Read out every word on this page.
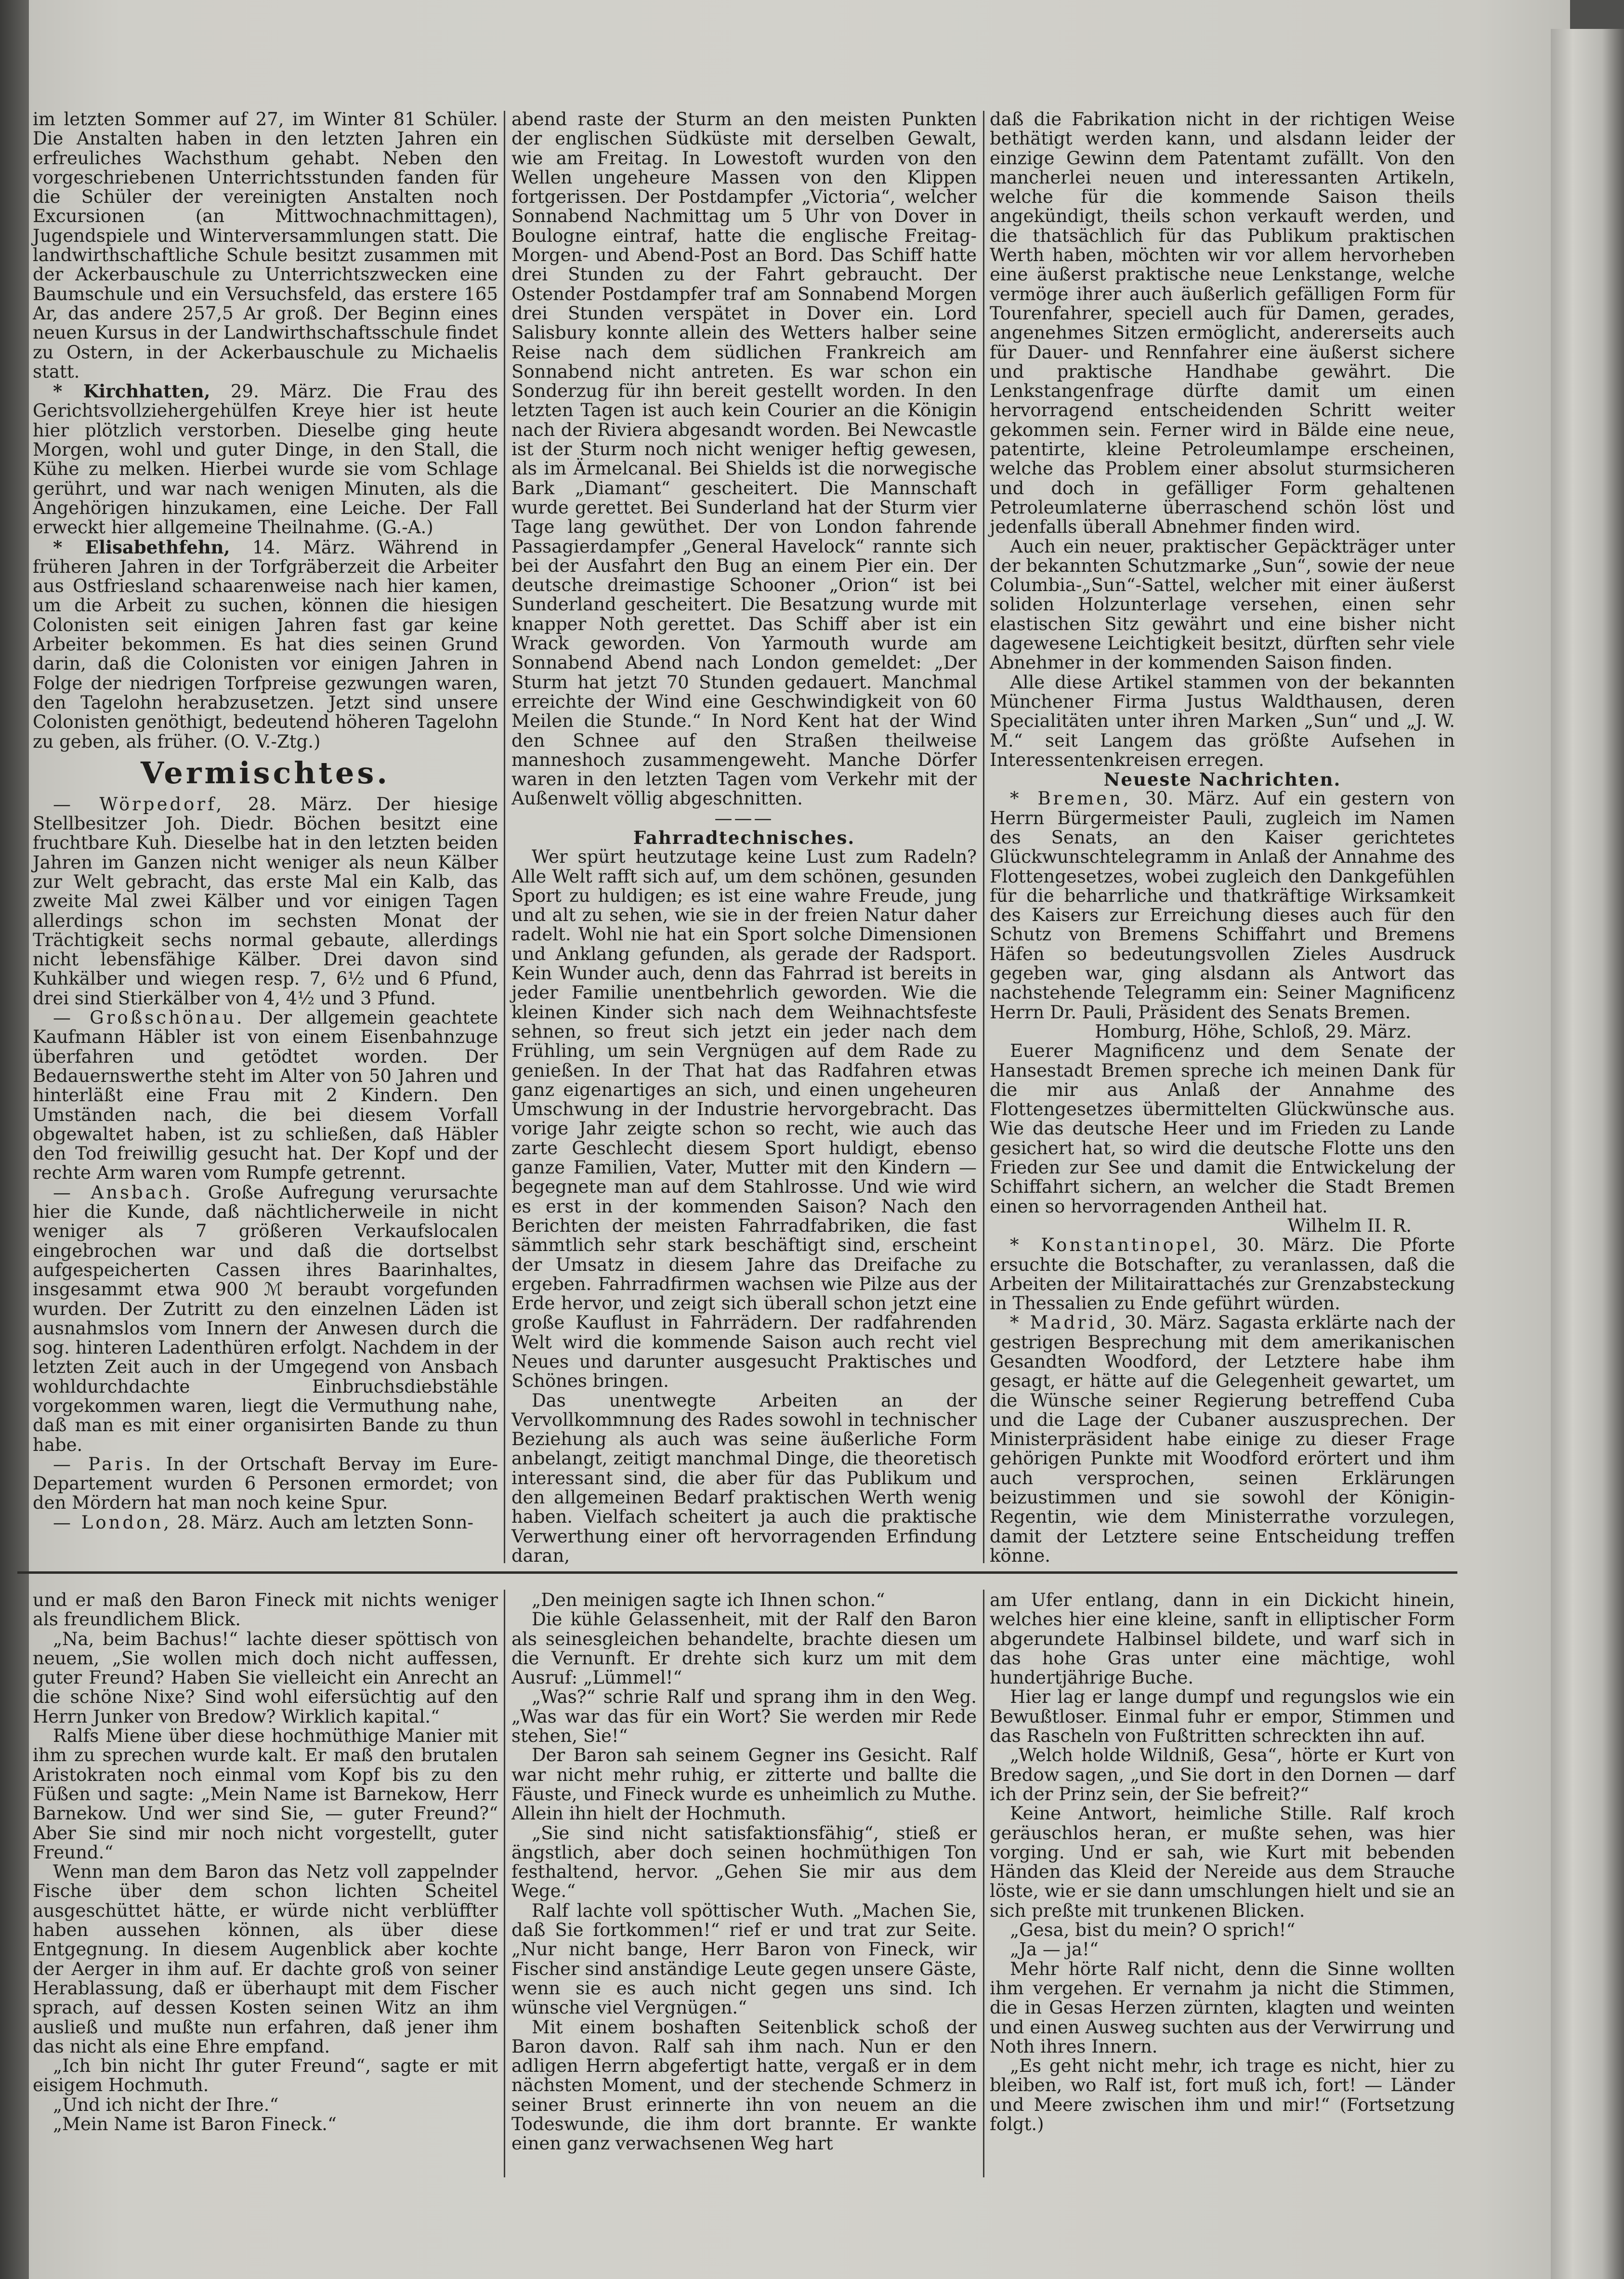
im letzten Sommer auf 27, im Winter 81 Schüler. Die Anstalten haben in den letzten Jahren ein erfreuliches Wachsthum gehabt. Neben den vorgeschriebenen Unterrichtsstunden fanden für die Schüler der vereinigten Anstalten noch Excursionen (an Mittwochnachmittagen), Jugendspiele und Winterversammlungen statt. Die landwirthschaftliche Schule besitzt zusammen mit der Ackerbauschule zu Unterrichtszwecken eine Baumschule und ein Versuchsfeld, das erstere 165 Ar, das andere 257,5 Ar groß. Der Beginn eines neuen Kursus in der Landwirthschaftsschule findet zu Ostern, in der Ackerbauschule zu Michaelis statt.

* Kirchhatten, 29. März. Die Frau des Gerichtsvollziehergehülfen Kreye hier ist heute hier plötzlich verstorben. Dieselbe ging heute Morgen, wohl und guter Dinge, in den Stall, die Kühe zu melken. Hierbei wurde sie vom Schlage gerührt, und war nach wenigen Minuten, als die Angehörigen hinzukamen, eine Leiche. Der Fall erweckt hier allgemeine Theilnahme. (G.-A.)

* Elisabethfehn, 14. März. Während in früheren Jahren in der Torfgräberzeit die Arbeiter aus Ostfriesland schaarenweise nach hier kamen, um die Arbeit zu suchen, können die hiesigen Colonisten seit einigen Jahren fast gar keine Arbeiter bekommen. Es hat dies seinen Grund darin, daß die Colonisten vor einigen Jahren in Folge der niedrigen Torfpreise gezwungen waren, den Tagelohn herabzusetzen. Jetzt sind unsere Colonisten genöthigt, bedeutend höheren Tagelohn zu geben, als früher. (O. V.-Ztg.)

Vermischtes.

— Wörpedorf, 28. März. Der hiesige Stellbesitzer Joh. Diedr. Böchen besitzt eine fruchtbare Kuh. Dieselbe hat in den letzten beiden Jahren im Ganzen nicht weniger als neun Kälber zur Welt gebracht, das erste Mal ein Kalb, das zweite Mal zwei Kälber und vor einigen Tagen allerdings schon im sechsten Monat der Trächtigkeit sechs normal gebaute, allerdings nicht lebensfähige Kälber. Drei davon sind Kuhkälber und wiegen resp. 7, 6½ und 6 Pfund, drei sind Stierkälber von 4, 4½ und 3 Pfund.

— Großschönau. Der allgemein geachtete Kaufmann Häbler ist von einem Eisenbahnzuge überfahren und getödtet worden. Der Bedauernswerthe steht im Alter von 50 Jahren und hinterläßt eine Frau mit 2 Kindern. Den Umständen nach, die bei diesem Vorfall obgewaltet haben, ist zu schließen, daß Häbler den Tod freiwillig gesucht hat. Der Kopf und der rechte Arm waren vom Rumpfe getrennt.

— Ansbach. Große Aufregung verursachte hier die Kunde, daß nächtlicherweile in nicht weniger als 7 größeren Verkaufslocalen eingebrochen war und daß die dortselbst aufgespeicherten Cassen ihres Baarinhaltes, insgesammt etwa 900 ℳ beraubt vorgefunden wurden. Der Zutritt zu den einzelnen Läden ist ausnahmslos vom Innern der Anwesen durch die sog. hinteren Ladenthüren erfolgt. Nachdem in der letzten Zeit auch in der Umgegend von Ansbach wohldurchdachte Einbruchsdiebstähle vorgekommen waren, liegt die Vermuthung nahe, daß man es mit einer organisirten Bande zu thun habe.

— Paris. In der Ortschaft Bervay im Eure-Departement wurden 6 Personen ermordet; von den Mördern hat man noch keine Spur.

— London, 28. März. Auch am letzten Sonn-

abend raste der Sturm an den meisten Punkten der englischen Südküste mit derselben Gewalt, wie am Freitag. In Lowestoft wurden von den Wellen ungeheure Massen von den Klippen fortgerissen. Der Postdampfer „Victoria“, welcher Sonnabend Nachmittag um 5 Uhr von Dover in Boulogne eintraf, hatte die englische Freitag-Morgen- und Abend-Post an Bord. Das Schiff hatte drei Stunden zu der Fahrt gebraucht. Der Ostender Postdampfer traf am Sonnabend Morgen drei Stunden verspätet in Dover ein. Lord Salisbury konnte allein des Wetters halber seine Reise nach dem südlichen Frankreich am Sonnabend nicht antreten. Es war schon ein Sonderzug für ihn bereit gestellt worden. In den letzten Tagen ist auch kein Courier an die Königin nach der Riviera abgesandt worden. Bei Newcastle ist der Sturm noch nicht weniger heftig gewesen, als im Ärmelcanal. Bei Shields ist die norwegische Bark „Diamant“ gescheitert. Die Mannschaft wurde gerettet. Bei Sunderland hat der Sturm vier Tage lang gewüthet. Der von London fahrende Passagierdampfer „General Havelock“ rannte sich bei der Ausfahrt den Bug an einem Pier ein. Der deutsche dreimastige Schooner „Orion“ ist bei Sunderland gescheitert. Die Besatzung wurde mit knapper Noth gerettet. Das Schiff aber ist ein Wrack geworden. Von Yarmouth wurde am Sonnabend Abend nach London gemeldet: „Der Sturm hat jetzt 70 Stunden gedauert. Manchmal erreichte der Wind eine Geschwindigkeit von 60 Meilen die Stunde.“ In Nord Kent hat der Wind den Schnee auf den Straßen theilweise manneshoch zusammengeweht. Manche Dörfer waren in den letzten Tagen vom Verkehr mit der Außenwelt völlig abgeschnitten.

———

Fahrradtechnisches.

Wer spürt heutzutage keine Lust zum Radeln? Alle Welt rafft sich auf, um dem schönen, gesunden Sport zu huldigen; es ist eine wahre Freude, jung und alt zu sehen, wie sie in der freien Natur daher radelt. Wohl nie hat ein Sport solche Dimensionen und Anklang gefunden, als gerade der Radsport. Kein Wunder auch, denn das Fahrrad ist bereits in jeder Familie unentbehrlich geworden. Wie die kleinen Kinder sich nach dem Weihnachtsfeste sehnen, so freut sich jetzt ein jeder nach dem Frühling, um sein Vergnügen auf dem Rade zu genießen. In der That hat das Radfahren etwas ganz eigenartiges an sich, und einen ungeheuren Umschwung in der Industrie hervorgebracht. Das vorige Jahr zeigte schon so recht, wie auch das zarte Geschlecht diesem Sport huldigt, ebenso ganze Familien, Vater, Mutter mit den Kindern — begegnete man auf dem Stahlrosse. Und wie wird es erst in der kommenden Saison? Nach den Berichten der meisten Fahrradfabriken, die fast sämmtlich sehr stark beschäftigt sind, erscheint der Umsatz in diesem Jahre das Dreifache zu ergeben. Fahrradfirmen wachsen wie Pilze aus der Erde hervor, und zeigt sich überall schon jetzt eine große Kauflust in Fahrrädern. Der radfahrenden Welt wird die kommende Saison auch recht viel Neues und darunter ausgesucht Praktisches und Schönes bringen.

Das unentwegte Arbeiten an der Vervollkommnung des Rades sowohl in technischer Beziehung als auch was seine äußerliche Form anbelangt, zeitigt manchmal Dinge, die theoretisch interessant sind, die aber für das Publikum und den allgemeinen Bedarf praktischen Werth wenig haben. Vielfach scheitert ja auch die praktische Verwerthung einer oft hervorragenden Erfindung daran,

daß die Fabrikation nicht in der richtigen Weise bethätigt werden kann, und alsdann leider der einzige Gewinn dem Patentamt zufällt. Von den mancherlei neuen und interessanten Artikeln, welche für die kommende Saison theils angekündigt, theils schon verkauft werden, und die thatsächlich für das Publikum praktischen Werth haben, möchten wir vor allem hervorheben eine äußerst praktische neue Lenkstange, welche vermöge ihrer auch äußerlich gefälligen Form für Tourenfahrer, speciell auch für Damen, gerades, angenehmes Sitzen ermöglicht, andererseits auch für Dauer- und Rennfahrer eine äußerst sichere und praktische Handhabe gewährt. Die Lenkstangenfrage dürfte damit um einen hervorragend entscheidenden Schritt weiter gekommen sein. Ferner wird in Bälde eine neue, patentirte, kleine Petroleumlampe erscheinen, welche das Problem einer absolut sturmsicheren und doch in gefälliger Form gehaltenen Petroleumlaterne überraschend schön löst und jedenfalls überall Abnehmer finden wird.

Auch ein neuer, praktischer Gepäckträger unter der bekannten Schutzmarke „Sun“, sowie der neue Columbia-„Sun“-Sattel, welcher mit einer äußerst soliden Holzunterlage versehen, einen sehr elastischen Sitz gewährt und eine bisher nicht dagewesene Leichtigkeit besitzt, dürften sehr viele Abnehmer in der kommenden Saison finden.

Alle diese Artikel stammen von der bekannten Münchener Firma Justus Waldthausen, deren Specialitäten unter ihren Marken „Sun“ und „J. W. M.“ seit Langem das größte Aufsehen in Interessentenkreisen erregen.

Neueste Nachrichten.

* Bremen, 30. März. Auf ein gestern von Herrn Bürgermeister Pauli, zugleich im Namen des Senats, an den Kaiser gerichtetes Glückwunschtelegramm in Anlaß der Annahme des Flottengesetzes, wobei zugleich den Dankgefühlen für die beharrliche und thatkräftige Wirksamkeit des Kaisers zur Erreichung dieses auch für den Schutz von Bremens Schiffahrt und Bremens Häfen so bedeutungsvollen Zieles Ausdruck gegeben war, ging alsdann als Antwort das nachstehende Telegramm ein: Seiner Magnificenz Herrn Dr. Pauli, Präsident des Senats Bremen.

Homburg, Höhe, Schloß, 29. März.

Euerer Magnificenz und dem Senate der Hansestadt Bremen spreche ich meinen Dank für die mir aus Anlaß der Annahme des Flottengesetzes übermittelten Glückwünsche aus. Wie das deutsche Heer und im Frieden zu Lande gesichert hat, so wird die deutsche Flotte uns den Frieden zur See und damit die Entwickelung der Schiffahrt sichern, an welcher die Stadt Bremen einen so hervorragenden Antheil hat.

Wilhelm II. R.

* Konstantinopel, 30. März. Die Pforte ersuchte die Botschafter, zu veranlassen, daß die Arbeiten der Militairattachés zur Grenzabsteckung in Thessalien zu Ende geführt würden.

* Madrid, 30. März. Sagasta erklärte nach der gestrigen Besprechung mit dem amerikanischen Gesandten Woodford, der Letztere habe ihm gesagt, er hätte auf die Gelegenheit gewartet, um die Wünsche seiner Regierung betreffend Cuba und die Lage der Cubaner auszusprechen. Der Ministerpräsident habe einige zu dieser Frage gehörigen Punkte mit Woodford erörtert und ihm auch versprochen, seinen Erklärungen beizustimmen und sie sowohl der Königin-Regentin, wie dem Ministerrathe vorzulegen, damit der Letztere seine Entscheidung treffen könne.

und er maß den Baron Fineck mit nichts weniger als freundlichem Blick.

„Na, beim Bachus!“ lachte dieser spöttisch von neuem, „Sie wollen mich doch nicht auffessen, guter Freund? Haben Sie vielleicht ein Anrecht an die schöne Nixe? Sind wohl eifersüchtig auf den Herrn Junker von Bredow? Wirklich kapital.“

Ralfs Miene über diese hochmüthige Manier mit ihm zu sprechen wurde kalt. Er maß den brutalen Aristokraten noch einmal vom Kopf bis zu den Füßen und sagte: „Mein Name ist Barnekow, Herr Barnekow. Und wer sind Sie, — guter Freund?“ Aber Sie sind mir noch nicht vorgestellt, guter Freund.“

Wenn man dem Baron das Netz voll zappelnder Fische über dem schon lichten Scheitel ausgeschüttet hätte, er würde nicht verblüffter haben aussehen können, als über diese Entgegnung. In diesem Augenblick aber kochte der Aerger in ihm auf. Er dachte groß von seiner Herablassung, daß er überhaupt mit dem Fischer sprach, auf dessen Kosten seinen Witz an ihm ausließ und mußte nun erfahren, daß jener ihm das nicht als eine Ehre empfand.

„Ich bin nicht Ihr guter Freund“, sagte er mit eisigem Hochmuth.

„Und ich nicht der Ihre.“

„Mein Name ist Baron Fineck.“

„Den meinigen sagte ich Ihnen schon.“

Die kühle Gelassenheit, mit der Ralf den Baron als seinesgleichen behandelte, brachte diesen um die Vernunft. Er drehte sich kurz um mit dem Ausruf: „Lümmel!“

„Was?“ schrie Ralf und sprang ihm in den Weg. „Was war das für ein Wort? Sie werden mir Rede stehen, Sie!“

Der Baron sah seinem Gegner ins Gesicht. Ralf war nicht mehr ruhig, er zitterte und ballte die Fäuste, und Fineck wurde es unheimlich zu Muthe. Allein ihn hielt der Hochmuth.

„Sie sind nicht satisfaktionsfähig“, stieß er ängstlich, aber doch seinen hochmüthigen Ton festhaltend, hervor. „Gehen Sie mir aus dem Wege.“

Ralf lachte voll spöttischer Wuth. „Machen Sie, daß Sie fortkommen!“ rief er und trat zur Seite. „Nur nicht bange, Herr Baron von Fineck, wir Fischer sind anständige Leute gegen unsere Gäste, wenn sie es auch nicht gegen uns sind. Ich wünsche viel Vergnügen.“

Mit einem boshaften Seitenblick schoß der Baron davon. Ralf sah ihm nach. Nun er den adligen Herrn abgefertigt hatte, vergaß er in dem nächsten Moment, und der stechende Schmerz in seiner Brust erinnerte ihn von neuem an die Todeswunde, die ihm dort brannte. Er wankte einen ganz verwachsenen Weg hart

am Ufer entlang, dann in ein Dickicht hinein, welches hier eine kleine, sanft in elliptischer Form abgerundete Halbinsel bildete, und warf sich in das hohe Gras unter eine mächtige, wohl hundertjährige Buche.

Hier lag er lange dumpf und regungslos wie ein Bewußtloser. Einmal fuhr er empor, Stimmen und das Rascheln von Fußtritten schreckten ihn auf.

„Welch holde Wildniß, Gesa“, hörte er Kurt von Bredow sagen, „und Sie dort in den Dornen — darf ich der Prinz sein, der Sie befreit?“

Keine Antwort, heimliche Stille. Ralf kroch geräuschlos heran, er mußte sehen, was hier vorging. Und er sah, wie Kurt mit bebenden Händen das Kleid der Nereide aus dem Strauche löste, wie er sie dann umschlungen hielt und sie an sich preßte mit trunkenen Blicken.

„Gesa, bist du mein? O sprich!“

„Ja — ja!“

Mehr hörte Ralf nicht, denn die Sinne wollten ihm vergehen. Er vernahm ja nicht die Stimmen, die in Gesas Herzen zürnten, klagten und weinten und einen Ausweg suchten aus der Verwirrung und Noth ihres Innern.

„Es geht nicht mehr, ich trage es nicht, hier zu bleiben, wo Ralf ist, fort muß ich, fort! — Länder und Meere zwischen ihm und mir!“ (Fortsetzung folgt.)
